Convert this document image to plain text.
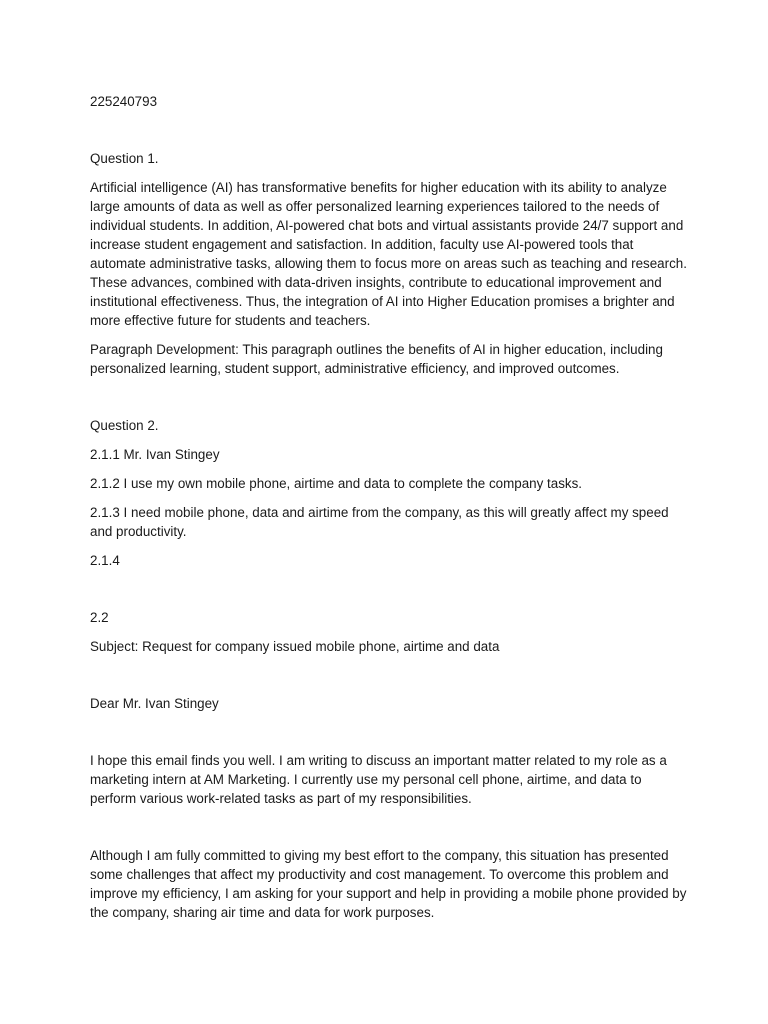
225240793

Question 1.

Artificial intelligence (AI) has transformative benefits for higher education with its ability to analyze large amounts of data as well as offer personalized learning experiences tailored to the needs of individual students. In addition, AI-powered chat bots and virtual assistants provide 24/7 support and increase student engagement and satisfaction. In addition, faculty use AI-powered tools that automate administrative tasks, allowing them to focus more on areas such as teaching and research. These advances, combined with data-driven insights, contribute to educational improvement and institutional effectiveness. Thus, the integration of AI into Higher Education promises a brighter and more effective future for students and teachers.

Paragraph Development: This paragraph outlines the benefits of AI in higher education, including personalized learning, student support, administrative efficiency, and improved outcomes.

Question 2.

2.1.1 Mr. Ivan Stingey

2.1.2 I use my own mobile phone, airtime and data to complete the company tasks.

2.1.3 I need mobile phone, data and airtime from the company, as this will greatly affect my speed and productivity.

2.1.4

2.2

Subject: Request for company issued mobile phone, airtime and data

Dear Mr. Ivan Stingey

I hope this email finds you well. I am writing to discuss an important matter related to my role as a marketing intern at AM Marketing. I currently use my personal cell phone, airtime, and data to perform various work-related tasks as part of my responsibilities.

Although I am fully committed to giving my best effort to the company, this situation has presented some challenges that affect my productivity and cost management. To overcome this problem and improve my efficiency, I am asking for your support and help in providing a mobile phone provided by the company, sharing air time and data for work purposes.
